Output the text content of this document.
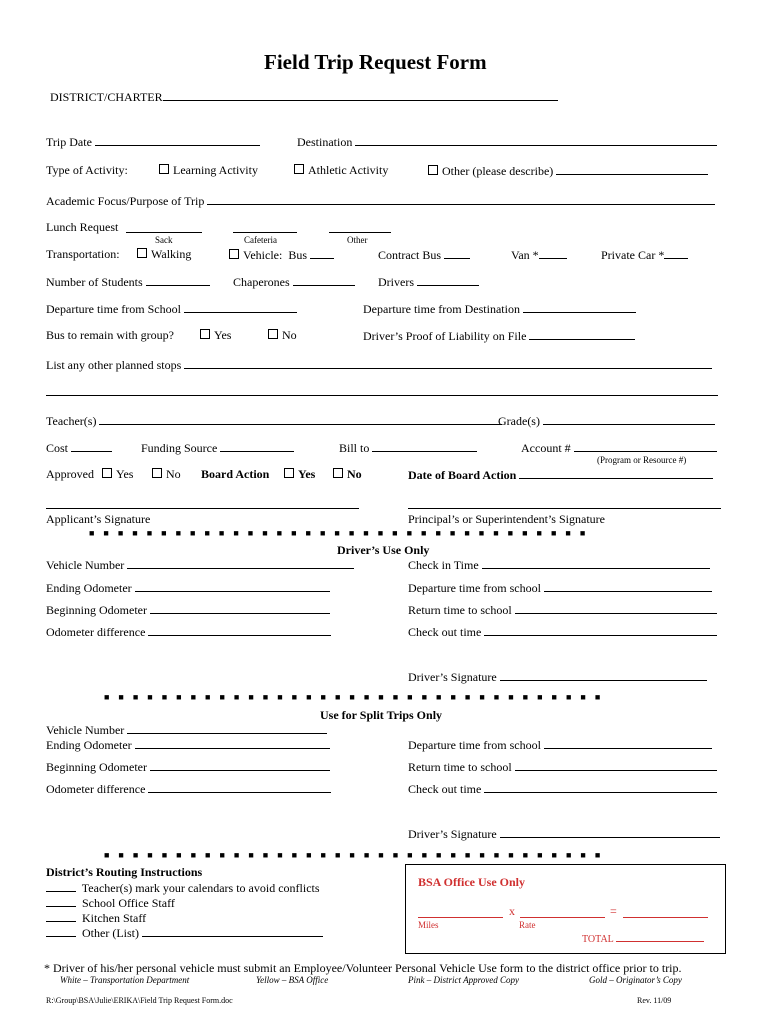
Field Trip Request Form
DISTRICT/CHARTER
Trip Date	Destination
Type of Activity:	Learning Activity	Athletic Activity	Other (please describe)
Academic Focus/Purpose of Trip
Lunch Request
Sack	Cafeteria	Other
Transportation:	Walking	Vehicle:  Bus	Contract Bus	Van *	Private Car *
Number of Students	Chaperones	Drivers
Departure time from School	Departure time from Destination
Bus to remain with group?	Yes	No	Driver’s Proof of Liability on File
List any other planned stops
Teacher(s)	Grade(s)
Cost	Funding Source	Bill to	Account #
(Program or Resource #)
Approved	Yes	No Board Action	Yes	No	Date of Board Action
Applicant’s Signature	Principal’s or Superintendent’s Signature
■    ■    ■    ■    ■    ■    ■    ■    ■    ■    ■    ■    ■    ■    ■    ■    ■    ■    ■    ■    ■    ■    ■    ■    ■    ■    ■    ■    ■    ■    ■    ■    ■    ■    ■
Driver’s Use Only
Vehicle Number	Check in Time
Ending Odometer	Departure time from school
Beginning Odometer	Return time to school
Odometer difference	Check out time
Driver’s Signature
■    ■    ■    ■    ■    ■    ■    ■    ■    ■    ■    ■    ■    ■    ■    ■    ■    ■    ■    ■    ■    ■    ■    ■    ■    ■    ■    ■    ■    ■    ■    ■    ■    ■    ■
Use for Split Trips Only
Vehicle Number
Ending Odometer	Departure time from school
Beginning Odometer	Return time to school
Odometer difference	Check out time
Driver’s Signature
■    ■    ■    ■    ■    ■    ■    ■    ■    ■    ■    ■    ■    ■    ■    ■    ■    ■    ■    ■    ■    ■    ■    ■    ■    ■    ■    ■    ■    ■    ■    ■    ■    ■    ■
District’s Routing Instructions
Teacher(s) mark your calendars to avoid conflicts
School Office Staff
Kitchen Staff
Other (List)
BSA Office Use Only
x	=
Miles	Rate
TOTAL
* Driver of his/her personal vehicle must submit an Employee/Volunteer Personal Vehicle Use form to the district office prior to trip.
White – Transportation Department	Yellow – BSA Office	Pink – District Approved Copy	Gold – Originator’s Copy
R:\Group\BSA\Julie\ERIKA\Field Trip Request Form.doc	Rev. 11/09
